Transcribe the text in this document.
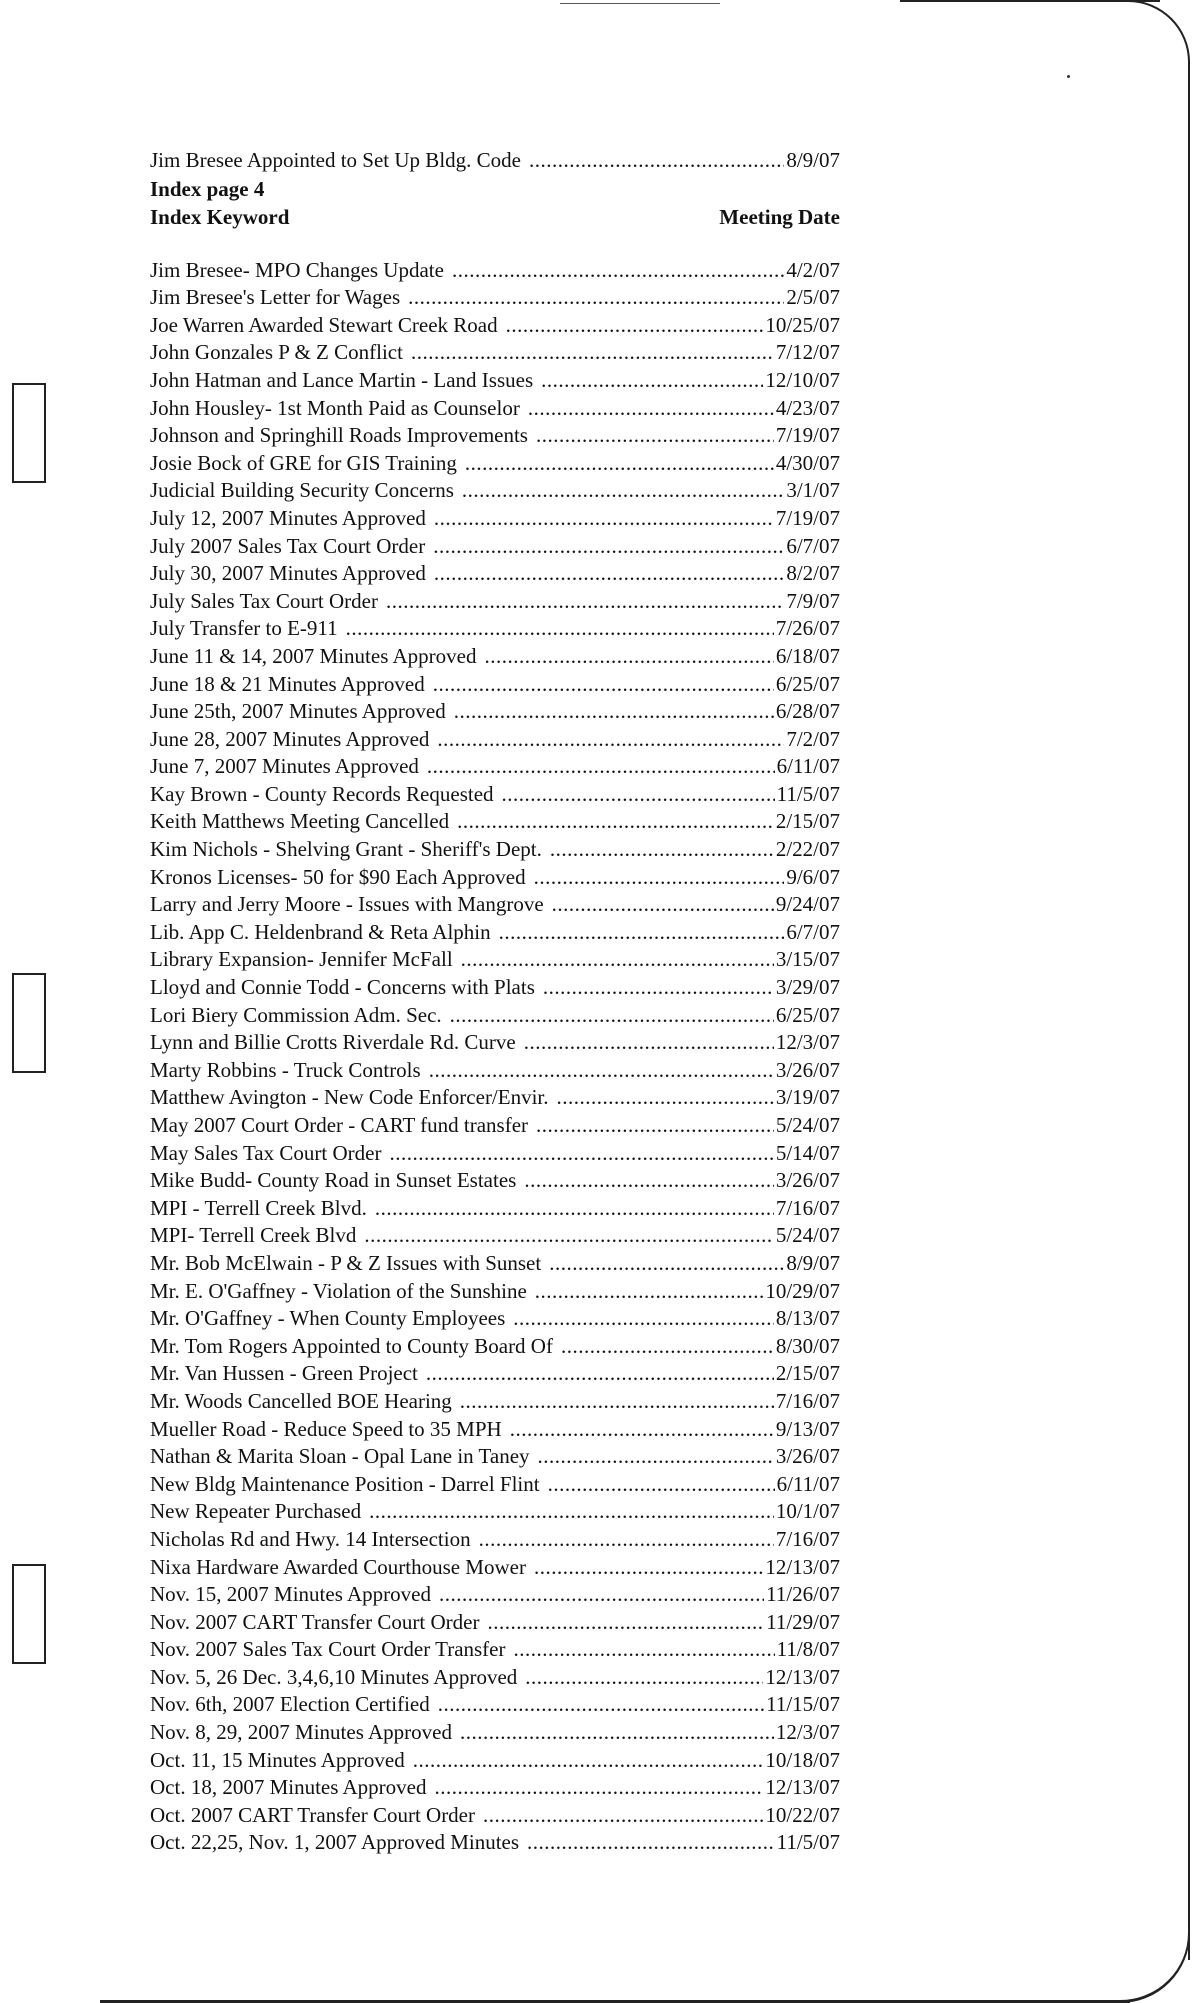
Jim Bresee Appointed to Set Up Bldg. Code .....	8/9/07
Index page 4
Index Keyword	Meeting Date
Jim Bresee- MPO Changes Update .....	4/2/07
Jim Bresee's Letter for Wages .....	2/5/07
Joe Warren Awarded Stewart Creek Road .....	10/25/07
John Gonzales P & Z Conflict .....	7/12/07
John Hatman and Lance Martin - Land Issues .....	12/10/07
John Housley- 1st Month Paid as Counselor .....	4/23/07
Johnson and Springhill Roads Improvements .....	7/19/07
Josie Bock of GRE for GIS Training .....	4/30/07
Judicial Building Security Concerns .....	3/1/07
July 12, 2007 Minutes Approved .....	7/19/07
July 2007 Sales Tax Court Order .....	6/7/07
July 30, 2007 Minutes Approved .....	8/2/07
July Sales Tax Court Order .....	7/9/07
July Transfer to E-911 .....	7/26/07
June 11 & 14, 2007 Minutes Approved .....	6/18/07
June 18 & 21 Minutes Approved .....	6/25/07
June 25th, 2007 Minutes Approved .....	6/28/07
June 28, 2007 Minutes Approved .....	7/2/07
June 7, 2007 Minutes Approved .....	6/11/07
Kay Brown - County Records Requested .....	11/5/07
Keith Matthews Meeting Cancelled .....	2/15/07
Kim Nichols - Shelving Grant - Sheriff's Dept. .....	2/22/07
Kronos Licenses- 50 for $90 Each Approved .....	9/6/07
Larry and Jerry Moore - Issues with Mangrove .....	9/24/07
Lib. App C. Heldenbrand & Reta Alphin .....	6/7/07
Library Expansion- Jennifer McFall .....	3/15/07
Lloyd and Connie Todd - Concerns with Plats .....	3/29/07
Lori Biery Commission Adm. Sec. .....	6/25/07
Lynn and Billie Crotts Riverdale Rd. Curve .....	12/3/07
Marty Robbins - Truck Controls .....	3/26/07
Matthew Avington - New Code Enforcer/Envir. .....	3/19/07
May 2007 Court Order - CART fund transfer .....	5/24/07
May Sales Tax Court Order .....	5/14/07
Mike Budd- County Road in Sunset Estates .....	3/26/07
MPI - Terrell Creek Blvd. .....	7/16/07
MPI- Terrell Creek Blvd .....	5/24/07
Mr. Bob McElwain - P & Z Issues with Sunset .....	8/9/07
Mr. E. O'Gaffney - Violation of the Sunshine .....	10/29/07
Mr. O'Gaffney - When County Employees .....	8/13/07
Mr. Tom Rogers Appointed to County Board Of .....	8/30/07
Mr. Van Hussen - Green Project .....	2/15/07
Mr. Woods Cancelled BOE Hearing .....	7/16/07
Mueller Road - Reduce Speed to 35 MPH .....	9/13/07
Nathan & Marita Sloan - Opal Lane in Taney .....	3/26/07
New Bldg Maintenance Position - Darrel Flint .....	6/11/07
New Repeater Purchased .....	10/1/07
Nicholas Rd and Hwy. 14 Intersection .....	7/16/07
Nixa Hardware Awarded Courthouse Mower .....	12/13/07
Nov. 15, 2007 Minutes Approved .....	11/26/07
Nov. 2007 CART Transfer Court Order .....	11/29/07
Nov. 2007 Sales Tax Court Order Transfer .....	11/8/07
Nov. 5, 26 Dec. 3,4,6,10 Minutes Approved .....	12/13/07
Nov. 6th, 2007 Election Certified .....	11/15/07
Nov. 8, 29, 2007 Minutes Approved .....	12/3/07
Oct. 11, 15 Minutes Approved .....	10/18/07
Oct. 18, 2007 Minutes Approved .....	12/13/07
Oct. 2007 CART Transfer Court Order .....	10/22/07
Oct. 22,25, Nov. 1, 2007 Approved Minutes .....	11/5/07
